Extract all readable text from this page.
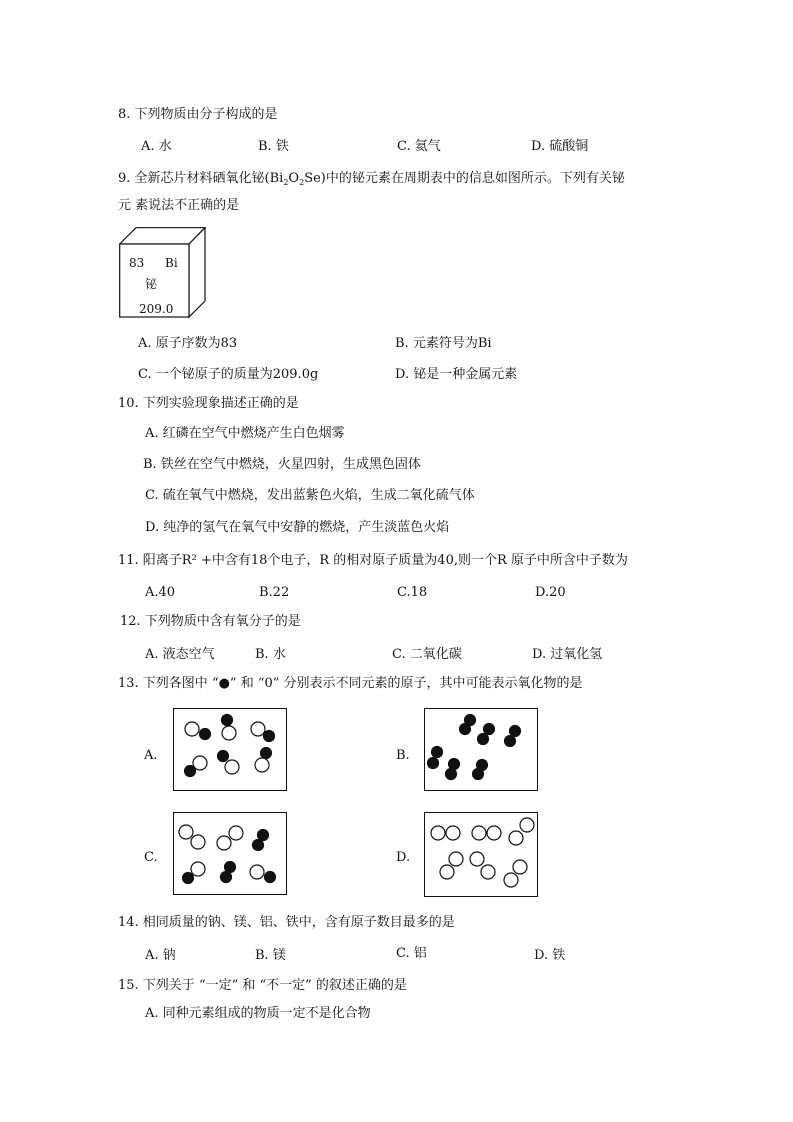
8. 下列物质由分子构成的是
A. 水	B. 铁	C. 氦气	D. 硫酸铜
9. 全新芯片材料硒氧化铋$(Bi_2O_2Se)$中的铋元素在周期表中的信息如图所示。下列有关铋
元 素说法不正确的是
83 Bi
铋
209.0
A. 原子序数为83	B. 元素符号为Bi
C. 一个铋原子的质量为209.0g	D. 铋是一种金属元素
10. 下列实验现象描述正确的是
A. 红磷在空气中燃烧产生白色烟雾
B. 铁丝在空气中燃烧，火星四射，生成黑色固体
C. 硫在氧气中燃烧，发出蓝紫色火焰，生成二氧化硫气体
D. 纯净的氢气在氧气中安静的燃烧，产生淡蓝色火焰
11. 阳离子R² +中含有18个电子，R 的相对原子质量为40,则一个R 原子中所含中子数为
A.40	B.22	C.18	D.20
12. 下列物质中含有氧分子的是
A. 液态空气	B. 水	C. 二氧化碳	D. 过氧化氢
13. 下列各图中 “●” 和 “0” 分别表示不同元素的原子，其中可能表示氧化物的是
A.	B.
C.	D.
14. 相同质量的钠、镁、铝、铁中，含有原子数目最多的是
A. 钠	B. 镁	C. 铝	D. 铁
15. 下列关于 “一定” 和 “不一定” 的叙述正确的是
A. 同种元素组成的物质一定不是化合物
